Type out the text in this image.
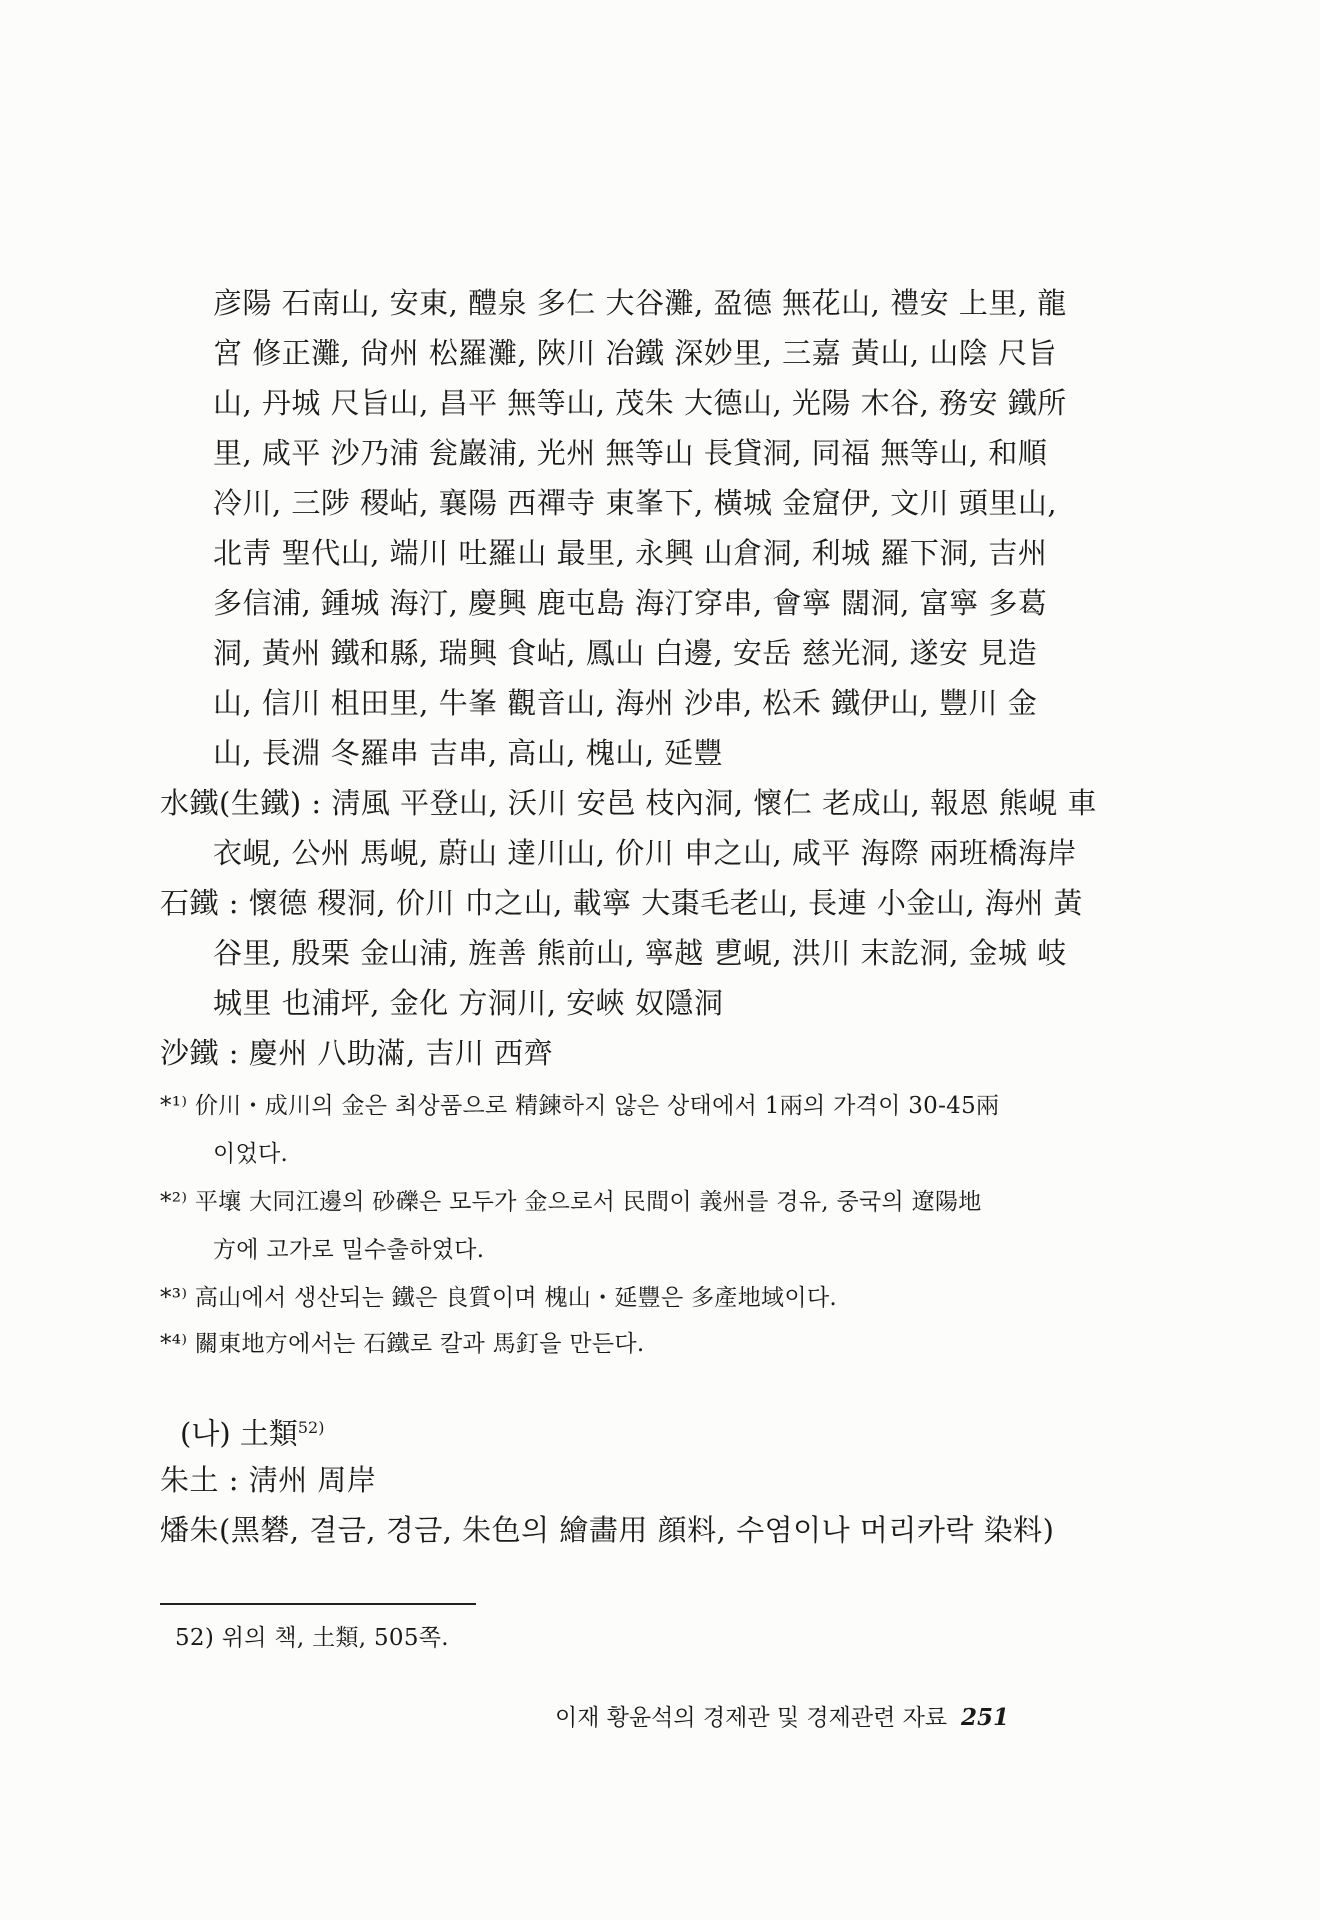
彦陽 石南山, 安東, 醴泉 多仁 大谷灘, 盈德 無花山, 禮安 上里, 龍
宮 修正灘, 尙州 松羅灘, 陜川 冶鐵 深妙里, 三嘉 黃山, 山陰 尺旨
山, 丹城 尺旨山, 昌平 無等山, 茂朱 大德山, 光陽 木谷, 務安 鐵所
里, 咸平 沙乃浦 瓮巖浦, 光州 無等山 長貸洞, 同福 無等山, 和順
冷川, 三陟 稷岾, 襄陽 西禪寺 東峯下, 橫城 金窟伊, 文川 頭里山,
北靑 聖代山, 端川 吐羅山 最里, 永興 山倉洞, 利城 羅下洞, 吉州
多信浦, 鍾城 海汀, 慶興 鹿屯島 海汀穿串, 會寧 闊洞, 富寧 多葛
洞, 黃州 鐵和縣, 瑞興 食岾, 鳳山 白邊, 安岳 慈光洞, 遂安 見造
山, 信川 柤田里, 牛峯 觀音山, 海州 沙串, 松禾 鐵伊山, 豐川 金
山, 長淵 冬羅串 吉串, 高山, 槐山, 延豐
水鐵(生鐵) : 淸風 平登山, 沃川 安邑 枝內洞, 懷仁 老成山, 報恩 熊峴 車
衣峴, 公州 馬峴, 蔚山 達川山, 价川 申之山, 咸平 海際 兩班橋海岸
石鐵 : 懷德 稷洞, 价川 巾之山, 載寧 大棗毛老山, 長連 小金山, 海州 黃
谷里, 殷栗 金山浦, 旌善 熊前山, 寧越 乶峴, 洪川 末訖洞, 金城 岐
城里 也浦坪, 金化 方洞川, 安峽 奴隱洞
沙鐵 : 慶州 八助滿, 吉川 西齊
*¹⁾ 价川・成川의 金은 최상품으로 精鍊하지 않은 상태에서 1兩의 가격이 30-45兩
이었다.
*²⁾ 平壤 大同江邊의 砂礫은 모두가 金으로서 民間이 義州를 경유, 중국의 遼陽地
方에 고가로 밀수출하였다.
*³⁾ 高山에서 생산되는 鐵은 良質이며 槐山・延豐은 多產地域이다.
*⁴⁾ 關東地方에서는 石鐵로 칼과 馬釘을 만든다.
(나) 土類$^{52)}$
朱土 : 淸州 周岸
燔朱(黑礬, 결금, 경금, 朱色의 繪畵用 顔料, 수염이나 머리카락 染料)
52) 위의 책, 土類, 505쪽.
이재 황윤석의 경제관 및 경제관련 자료 251
